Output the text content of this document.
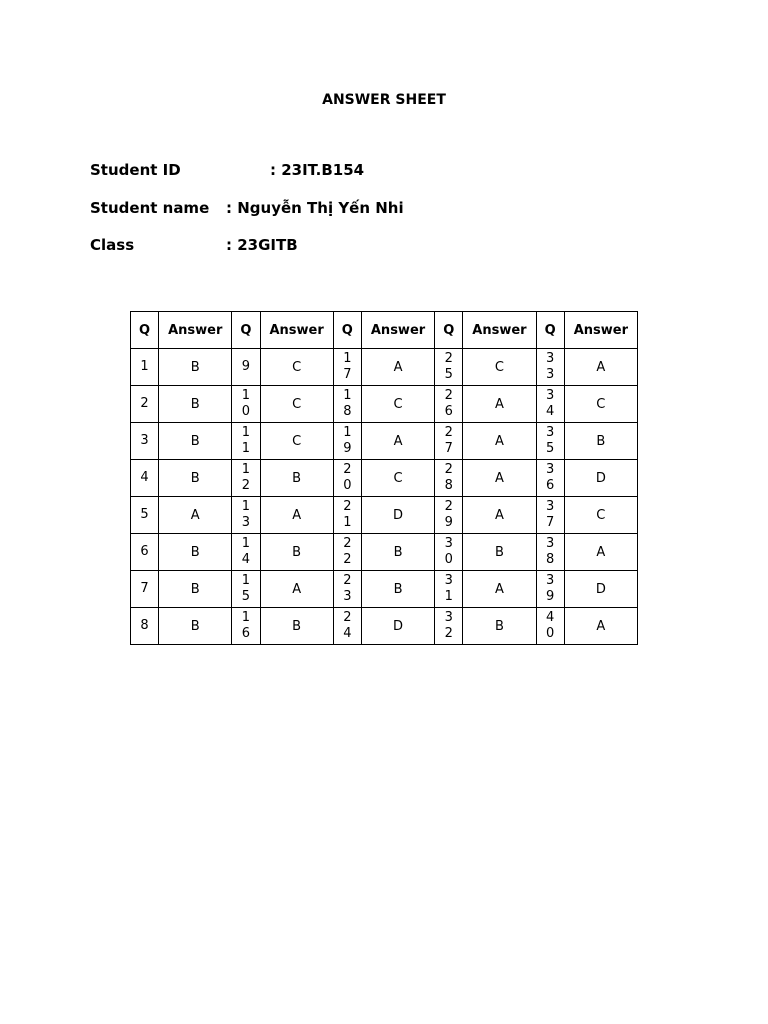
ANSWER SHEET
Student ID	: 23IT.B154
Student name : Nguyễn Thị Yến Nhi
Class	: 23GITB
Q	Answer	Q	Answer	Q	Answer	Q	Answer	Q	Answer
1	B	9	C	17	A	25	C	33	A
2	B	10	C	18	C	26	A	34	C
3	B	11	C	19	A	27	A	35	B
4	B	12	B	20	C	28	A	36	D
5	A	13	A	21	D	29	A	37	C
6	B	14	B	22	B	30	B	38	A
7	B	15	A	23	B	31	A	39	D
8	B	16	B	24	D	32	B	40	A
